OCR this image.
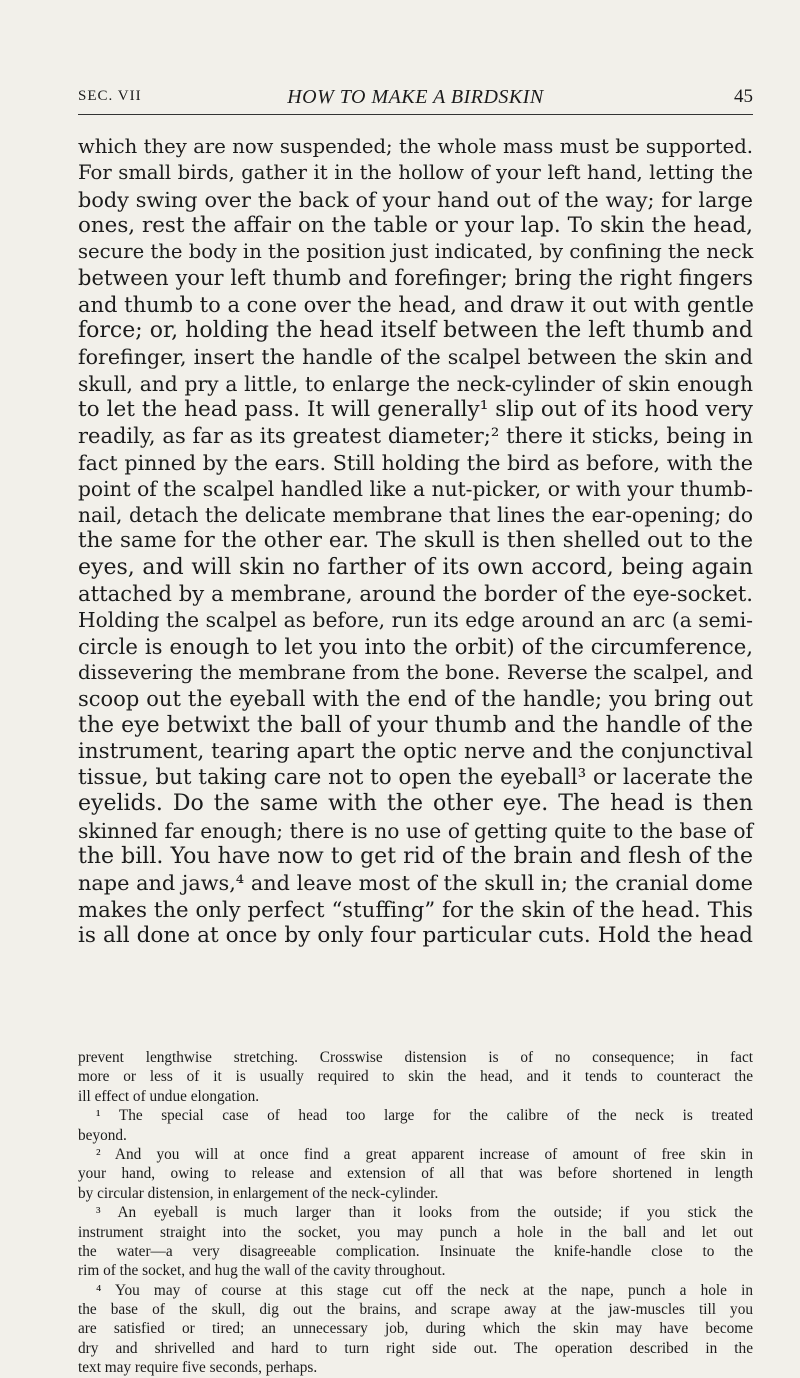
SEC. VII	HOW TO MAKE A BIRDSKIN	45
which they are now suspended; the whole mass must be supported.
For small birds, gather it in the hollow of your left hand, letting the
body swing over the back of your hand out of the way; for large
ones, rest the affair on the table or your lap. To skin the head,
secure the body in the position just indicated, by confining the neck
between your left thumb and forefinger; bring the right fingers
and thumb to a cone over the head, and draw it out with gentle
force; or, holding the head itself between the left thumb and
forefinger, insert the handle of the scalpel between the skin and
skull, and pry a little, to enlarge the neck-cylinder of skin enough
to let the head pass. It will generally¹ slip out of its hood very
readily, as far as its greatest diameter;² there it sticks, being in
fact pinned by the ears. Still holding the bird as before, with the
point of the scalpel handled like a nut-picker, or with your thumb-
nail, detach the delicate membrane that lines the ear-opening; do
the same for the other ear. The skull is then shelled out to the
eyes, and will skin no farther of its own accord, being again
attached by a membrane, around the border of the eye-socket.
Holding the scalpel as before, run its edge around an arc (a semi-
circle is enough to let you into the orbit) of the circumference,
dissevering the membrane from the bone. Reverse the scalpel, and
scoop out the eyeball with the end of the handle; you bring out
the eye betwixt the ball of your thumb and the handle of the
instrument, tearing apart the optic nerve and the conjunctival
tissue, but taking care not to open the eyeball³ or lacerate the
eyelids. Do the same with the other eye. The head is then
skinned far enough; there is no use of getting quite to the base of
the bill. You have now to get rid of the brain and flesh of the
nape and jaws,⁴ and leave most of the skull in; the cranial dome
makes the only perfect “stuffing” for the skin of the head. This
is all done at once by only four particular cuts. Hold the head
prevent lengthwise stretching. Crosswise distension is of no consequence; in fact
more or less of it is usually required to skin the head, and it tends to counteract the
ill effect of undue elongation.
¹ The special case of head too large for the calibre of the neck is treated
beyond.
² And you will at once find a great apparent increase of amount of free skin in
your hand, owing to release and extension of all that was before shortened in length
by circular distension, in enlargement of the neck-cylinder.
³ An eyeball is much larger than it looks from the outside; if you stick the
instrument straight into the socket, you may punch a hole in the ball and let out
the water—a very disagreeable complication. Insinuate the knife-handle close to the
rim of the socket, and hug the wall of the cavity throughout.
⁴ You may of course at this stage cut off the neck at the nape, punch a hole in
the base of the skull, dig out the brains, and scrape away at the jaw-muscles till you
are satisfied or tired; an unnecessary job, during which the skin may have become
dry and shrivelled and hard to turn right side out. The operation described in the
text may require five seconds, perhaps.
